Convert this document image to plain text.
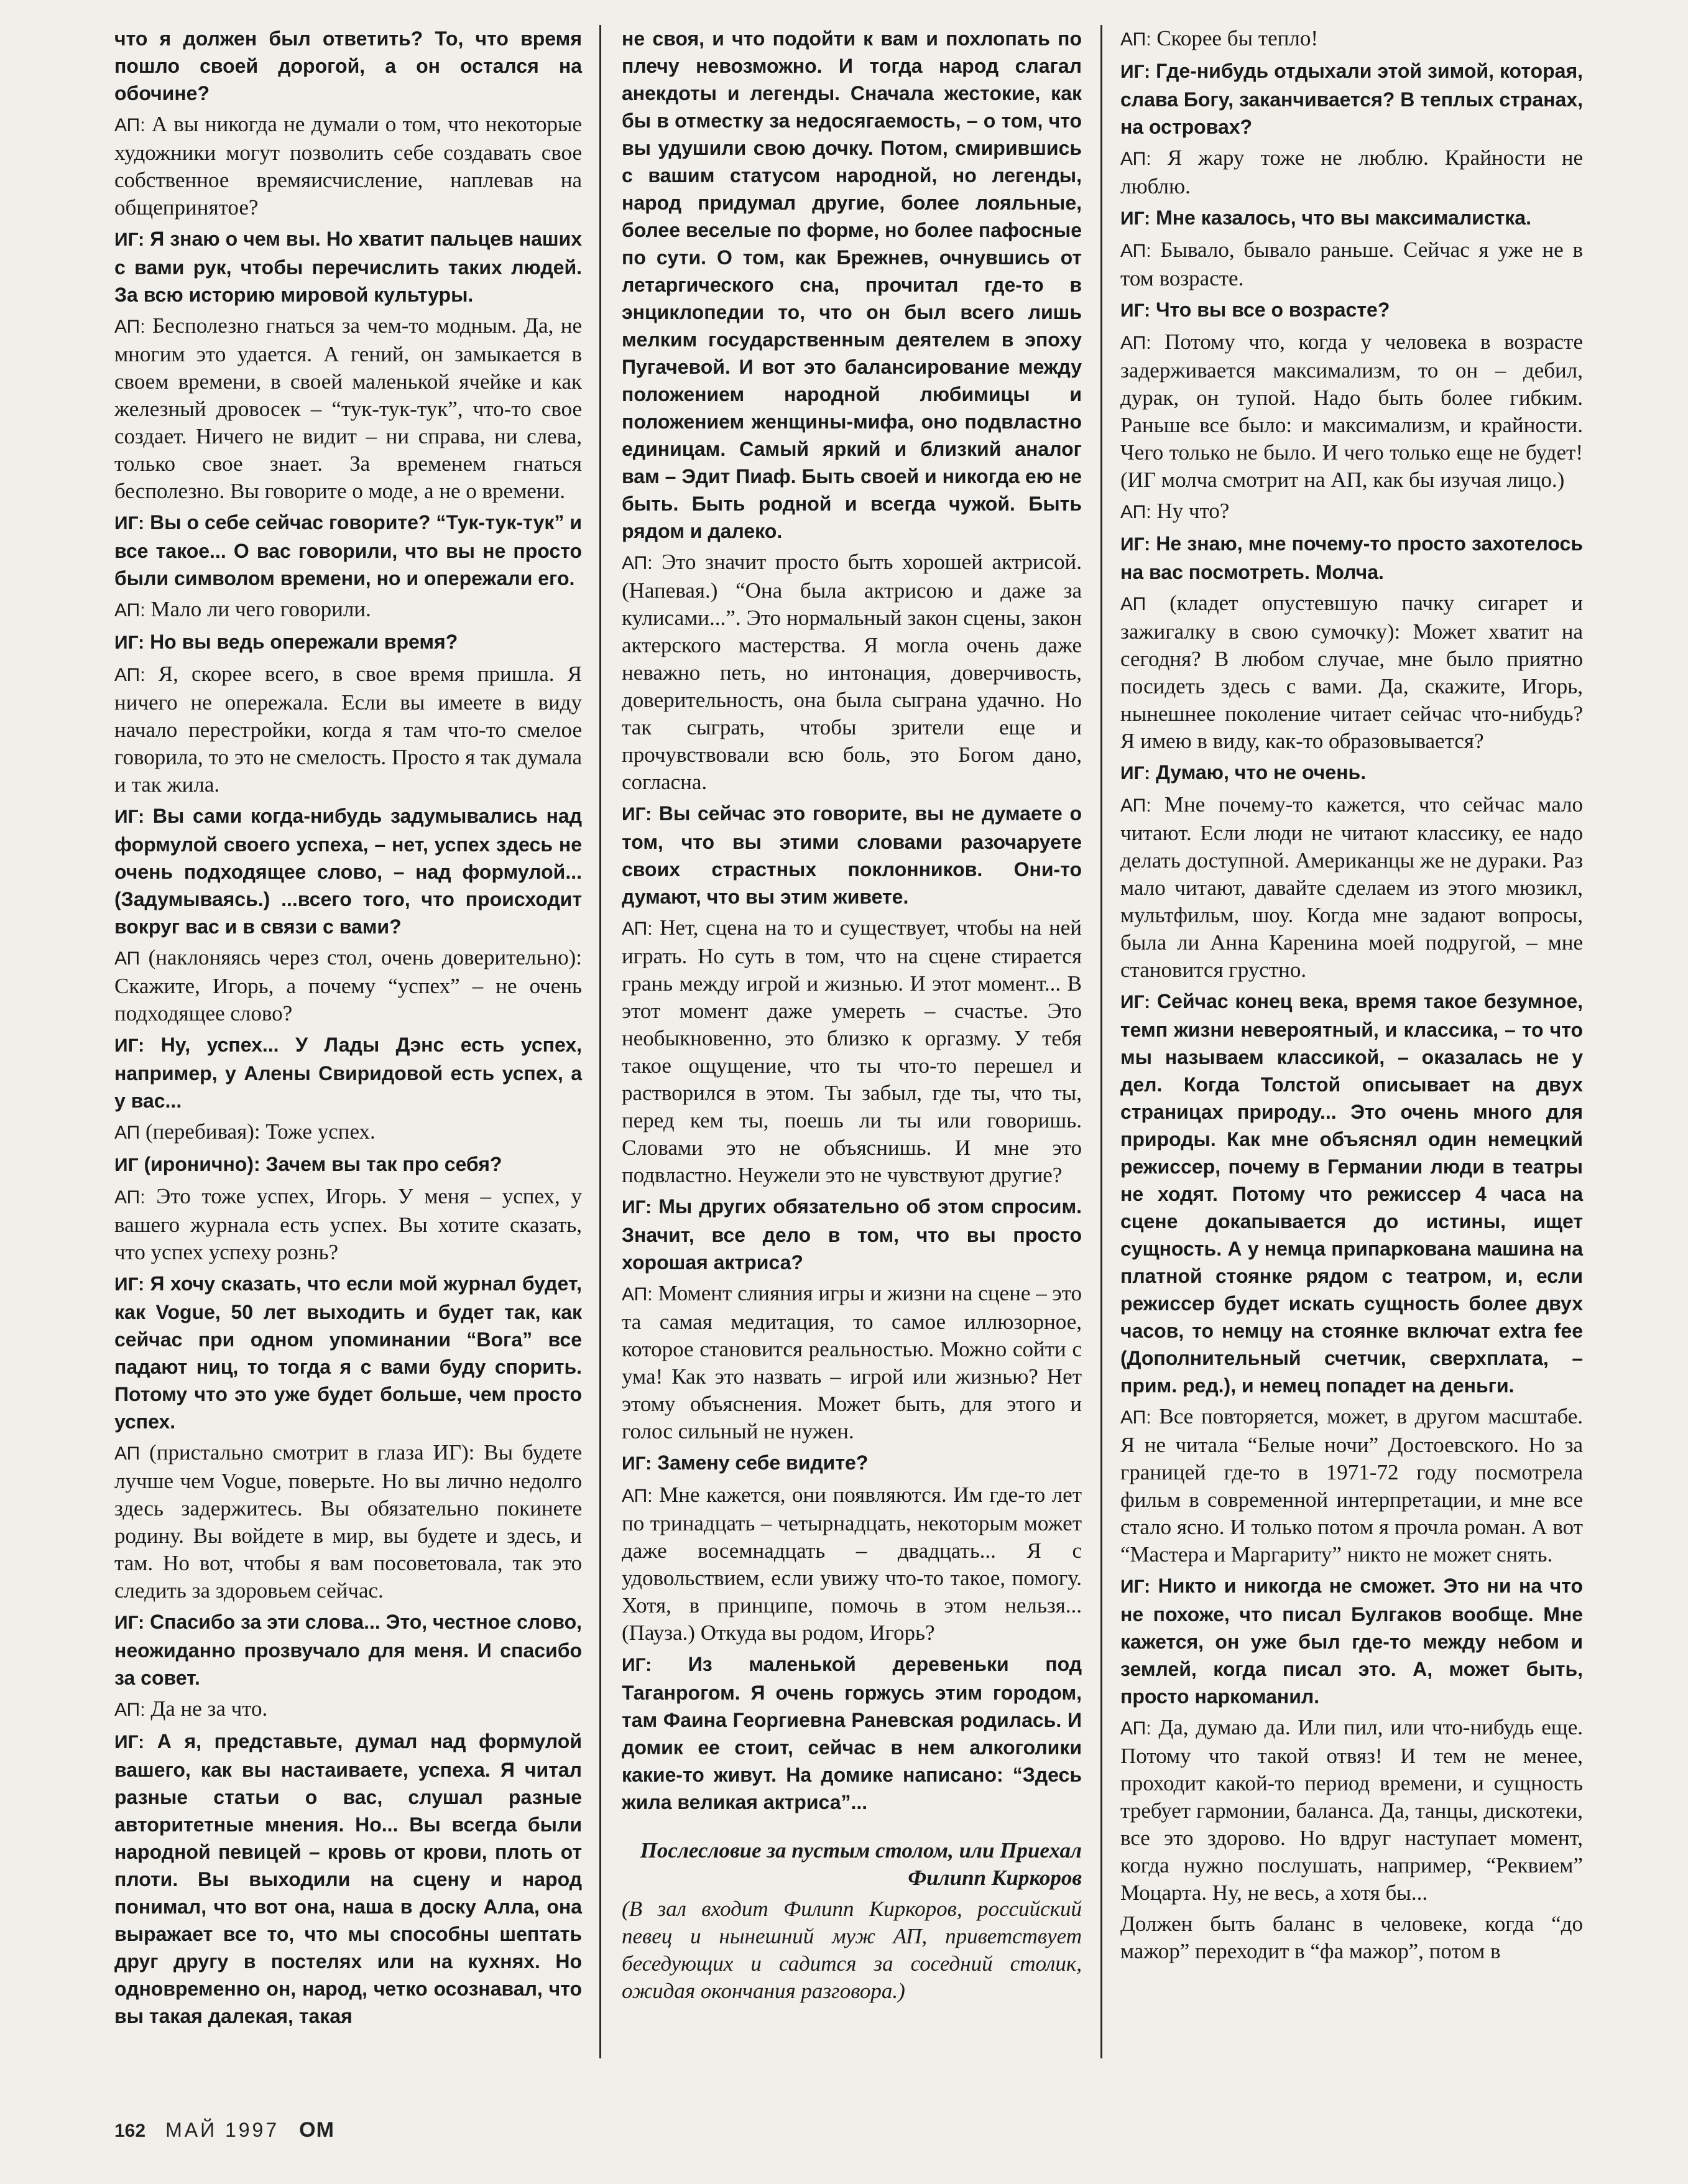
что я должен был ответить? То, что время пошло своей дорогой, а он остался на обочине?

АП: А вы никогда не думали о том, что некоторые художники могут позволить себе создавать свое собственное времяисчисление, наплевав на общепринятое?

ИГ: Я знаю о чем вы. Но хватит пальцев наших с вами рук, чтобы перечислить таких людей. За всю историю мировой культуры.

АП: Бесполезно гнаться за чем-то модным. Да, не многим это удается. А гений, он замыкается в своем времени, в своей маленькой ячейке и как железный дровосек – “тук-тук-тук”, что-то свое создает. Ничего не видит – ни справа, ни слева, только свое знает. За временем гнаться бесполезно. Вы говорите о моде, а не о времени.

ИГ: Вы о себе сейчас говорите? “Тук-тук-тук” и все такое... О вас говорили, что вы не просто были символом времени, но и опережали его.

АП: Мало ли чего говорили.

ИГ: Но вы ведь опережали время?

АП: Я, скорее всего, в свое время пришла. Я ничего не опережала. Если вы имеете в виду начало перестройки, когда я там что-то смелое говорила, то это не смелость. Просто я так думала и так жила.

ИГ: Вы сами когда-нибудь задумывались над формулой своего успеха, – нет, успех здесь не очень подходящее слово, – над формулой... (Задумываясь.) ...всего того, что происходит вокруг вас и в связи с вами?

АП (наклоняясь через стол, очень доверительно): Скажите, Игорь, а почему “успех” – не очень подходящее слово?

ИГ: Ну, успех... У Лады Дэнс есть успех, например, у Алены Свиридовой есть успех, а у вас...

АП (перебивая): Тоже успех.

ИГ (иронично): Зачем вы так про себя?

АП: Это тоже успех, Игорь. У меня – успех, у вашего журнала есть успех. Вы хотите сказать, что успех успеху рознь?

ИГ: Я хочу сказать, что если мой журнал будет, как Vogue, 50 лет выходить и будет так, как сейчас при одном упоминании “Вога” все падают ниц, то тогда я с вами буду спорить. Потому что это уже будет больше, чем просто успех.

АП (пристально смотрит в глаза ИГ): Вы будете лучше чем Vogue, поверьте. Но вы лично недолго здесь задержитесь. Вы обязательно покинете родину. Вы войдете в мир, вы будете и здесь, и там. Но вот, чтобы я вам посоветовала, так это следить за здоровьем сейчас.

ИГ: Спасибо за эти слова... Это, честное слово, неожиданно прозвучало для меня. И спасибо за совет.

АП: Да не за что.

ИГ: А я, представьте, думал над формулой вашего, как вы настаиваете, успеха. Я читал разные статьи о вас, слушал разные авторитетные мнения. Но... Вы всегда были народной певицей – кровь от крови, плоть от плоти. Вы выходили на сцену и народ понимал, что вот она, наша в доску Алла, она выражает все то, что мы способны шептать друг другу в постелях или на кухнях. Но одновременно он, народ, четко осознавал, что вы такая далекая, такая

не своя, и что подойти к вам и похлопать по плечу невозможно. И тогда народ слагал анекдоты и легенды. Сначала жестокие, как бы в отместку за недосягаемость, – о том, что вы удушили свою дочку. Потом, смирившись с вашим статусом народной, но легенды, народ придумал другие, более лояльные, более веселые по форме, но более пафосные по сути. О том, как Брежнев, очнувшись от летаргического сна, прочитал где-то в энциклопедии то, что он был всего лишь мелким государственным деятелем в эпоху Пугачевой. И вот это балансирование между положением народной любимицы и положением женщины-мифа, оно подвластно единицам. Самый яркий и близкий аналог вам – Эдит Пиаф. Быть своей и никогда ею не быть. Быть родной и всегда чужой. Быть рядом и далеко.

АП: Это значит просто быть хорошей актрисой. (Напевая.) “Она была актрисою и даже за кулисами...”. Это нормальный закон сцены, закон актерского мастерства. Я могла очень даже неважно петь, но интонация, доверчивость, доверительность, она была сыграна удачно. Но так сыграть, чтобы зрители еще и прочувствовали всю боль, это Богом дано, согласна.

ИГ: Вы сейчас это говорите, вы не думаете о том, что вы этими словами разочаруете своих страстных поклонников. Они-то думают, что вы этим живете.

АП: Нет, сцена на то и существует, чтобы на ней играть. Но суть в том, что на сцене стирается грань между игрой и жизнью. И этот момент... В этот момент даже умереть – счастье. Это необыкновенно, это близко к оргазму. У тебя такое ощущение, что ты что-то перешел и растворился в этом. Ты забыл, где ты, что ты, перед кем ты, поешь ли ты или говоришь. Словами это не объяснишь. И мне это подвластно. Неужели это не чувствуют другие?

ИГ: Мы других обязательно об этом спросим. Значит, все дело в том, что вы просто хорошая актриса?

АП: Момент слияния игры и жизни на сцене – это та самая медитация, то самое иллюзорное, которое становится реальностью. Можно сойти с ума! Как это назвать – игрой или жизнью? Нет этому объяснения. Может быть, для этого и голос сильный не нужен.

ИГ: Замену себе видите?

АП: Мне кажется, они появляются. Им где-то лет по тринадцать – четырнадцать, некоторым может даже восемнадцать – двадцать... Я с удовольствием, если увижу что-то такое, помогу. Хотя, в принципе, помочь в этом нельзя... (Пауза.) Откуда вы родом, Игорь?

ИГ: Из маленькой деревеньки под Таганрогом. Я очень горжусь этим городом, там Фаина Георгиевна Раневская родилась. И домик ее стоит, сейчас в нем алкоголики какие-то живут. На домике написано: “Здесь жила великая актриса”...

Послесловие за пустым столом, или Приехал Филипп Киркоров

(В зал входит Филипп Киркоров, российский певец и нынешний муж АП, приветствует беседующих и садится за соседний столик, ожидая окончания разговора.)

АП: Скорее бы тепло!

ИГ: Где-нибудь отдыхали этой зимой, которая, слава Богу, заканчивается? В теплых странах, на островах?

АП: Я жару тоже не люблю. Крайности не люблю.

ИГ: Мне казалось, что вы максималистка.

АП: Бывало, бывало раньше. Сейчас я уже не в том возрасте.

ИГ: Что вы все о возрасте?

АП: Потому что, когда у человека в возрасте задерживается максимализм, то он – дебил, дурак, он тупой. Надо быть более гибким. Раньше все было: и максимализм, и крайности. Чего только не было. И чего только еще не будет! (ИГ молча смотрит на АП, как бы изучая лицо.)

АП: Ну что?

ИГ: Не знаю, мне почему-то просто захотелось на вас посмотреть. Молча.

АП (кладет опустевшую пачку сигарет и зажигалку в свою сумочку): Может хватит на сегодня? В любом случае, мне было приятно посидеть здесь с вами. Да, скажите, Игорь, нынешнее поколение читает сейчас что-нибудь? Я имею в виду, как-то образовывается?

ИГ: Думаю, что не очень.

АП: Мне почему-то кажется, что сейчас мало читают. Если люди не читают классику, ее надо делать доступной. Американцы же не дураки. Раз мало читают, давайте сделаем из этого мюзикл, мультфильм, шоу. Когда мне задают вопросы, была ли Анна Каренина моей подругой, – мне становится грустно.

ИГ: Сейчас конец века, время такое безумное, темп жизни невероятный, и классика, – то что мы называем классикой, – оказалась не у дел. Когда Толстой описывает на двух страницах природу... Это очень много для природы. Как мне объяснял один немецкий режиссер, почему в Германии люди в театры не ходят. Потому что режиссер 4 часа на сцене докапывается до истины, ищет сущность. А у немца припаркована машина на платной стоянке рядом с театром, и, если режиссер будет искать сущность более двух часов, то немцу на стоянке включат extra fee (Дополнительный счетчик, сверхплата, – прим. ред.), и немец попадет на деньги.

АП: Все повторяется, может, в другом масштабе. Я не читала “Белые ночи” Достоевского. Но за границей где-то в 1971-72 году посмотрела фильм в современной интерпретации, и мне все стало ясно. И только потом я прочла роман. А вот “Мастера и Маргариту” никто не может снять.

ИГ: Никто и никогда не сможет. Это ни на что не похоже, что писал Булгаков вообще. Мне кажется, он уже был где-то между небом и землей, когда писал это. А, может быть, просто наркоманил.

АП: Да, думаю да. Или пил, или что-нибудь еще. Потому что такой отвяз! И тем не менее, проходит какой-то период времени, и сущность требует гармонии, баланса. Да, танцы, дискотеки, все это здорово. Но вдруг наступает момент, когда нужно послушать, например, “Реквием” Моцарта. Ну, не весь, а хотя бы...

Должен быть баланс в человеке, когда “до мажор” переходит в “фа мажор”, потом в

162 МАЙ 1997 ОМ
